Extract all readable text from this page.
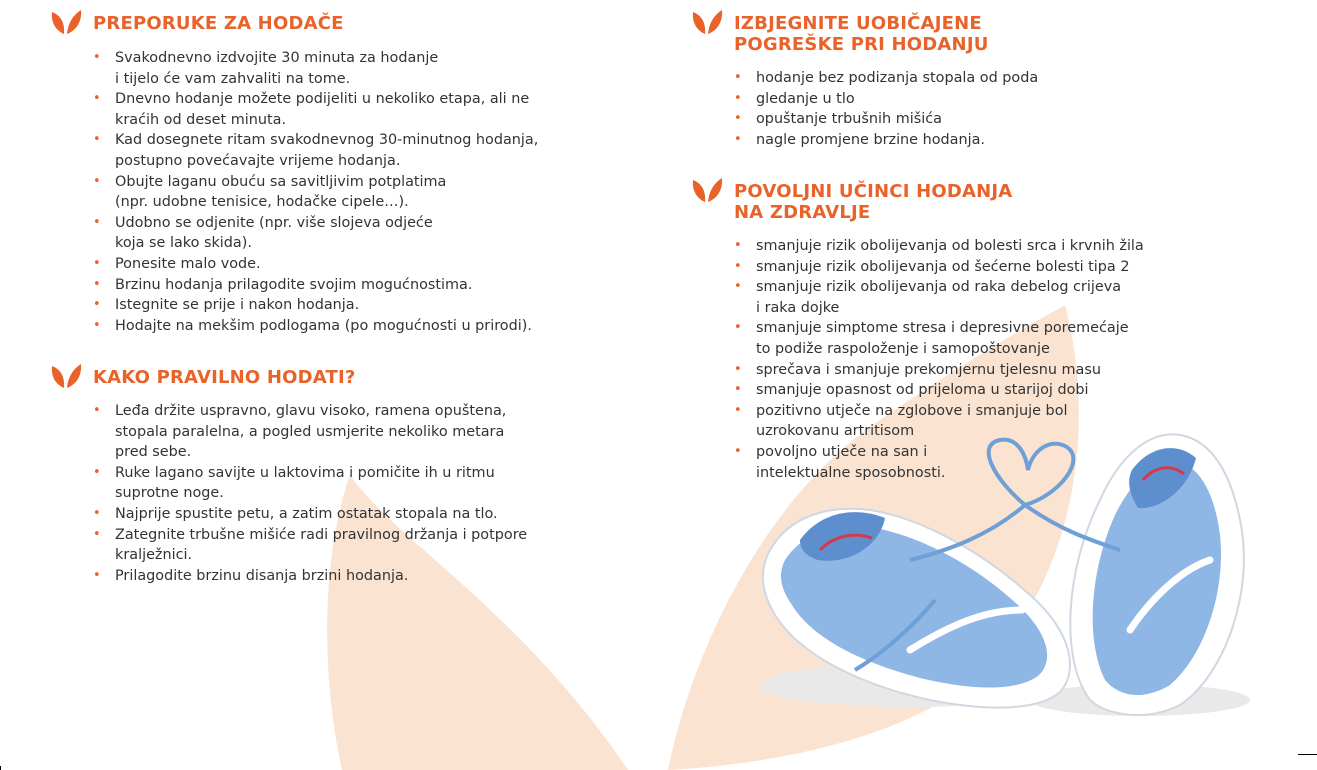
PREPORUKE ZA HODAČE
• Svakodnevno izdvojite 30 minuta za hodanje
i tijelo će vam zahvaliti na tome.
• Dnevno hodanje možete podijeliti u nekoliko etapa, ali ne
kraćih od deset minuta.
• Kad dosegnete ritam svakodnevnog 30-minutnog hodanja,
postupno povećavajte vrijeme hodanja.
• Obujte laganu obuću sa savitljivim potplatima
(npr. udobne tenisice, hodačke cipele…).
• Udobno se odjenite (npr. više slojeva odjeće
koja se lako skida).
• Ponesite malo vode.
• Brzinu hodanja prilagodite svojim mogućnostima.
• Istegnite se prije i nakon hodanja.
• Hodajte na mekšim podlogama (po mogućnosti u prirodi).
KAKO PRAVILNO HODATI?
• Leđa držite uspravno, glavu visoko, ramena opuštena,
stopala paralelna, a pogled usmjerite nekoliko metara
pred sebe.
• Ruke lagano savijte u laktovima i pomičite ih u ritmu
suprotne noge.
• Najprije spustite petu, a zatim ostatak stopala na tlo.
• Zategnite trbušne mišiće radi pravilnog držanja i potpore
kralježnici.
• Prilagodite brzinu disanja brzini hodanja.
IZBJEGNITE UOBIČAJENE
POGREŠKE PRI HODANJU
• hodanje bez podizanja stopala od poda
• gledanje u tlo
• opuštanje trbušnih mišića
• nagle promjene brzine hodanja.
POVOLJNI UČINCI HODANJA
NA ZDRAVLJE
• smanjuje rizik obolijevanja od bolesti srca i krvnih žila
• smanjuje rizik obolijevanja od šećerne bolesti tipa 2
• smanjuje rizik obolijevanja od raka debelog crijeva
i raka dojke
• smanjuje simptome stresa i depresivne poremećaje
to podiže raspoloženje i samopoštovanje
• sprečava i smanjuje prekomjernu tjelesnu masu
• smanjuje opasnost od prijeloma u starijoj dobi
• pozitivno utječe na zglobove i smanjuje bol
uzrokovanu artritisom
• povoljno utječe na san i
intelektualne sposobnosti.
